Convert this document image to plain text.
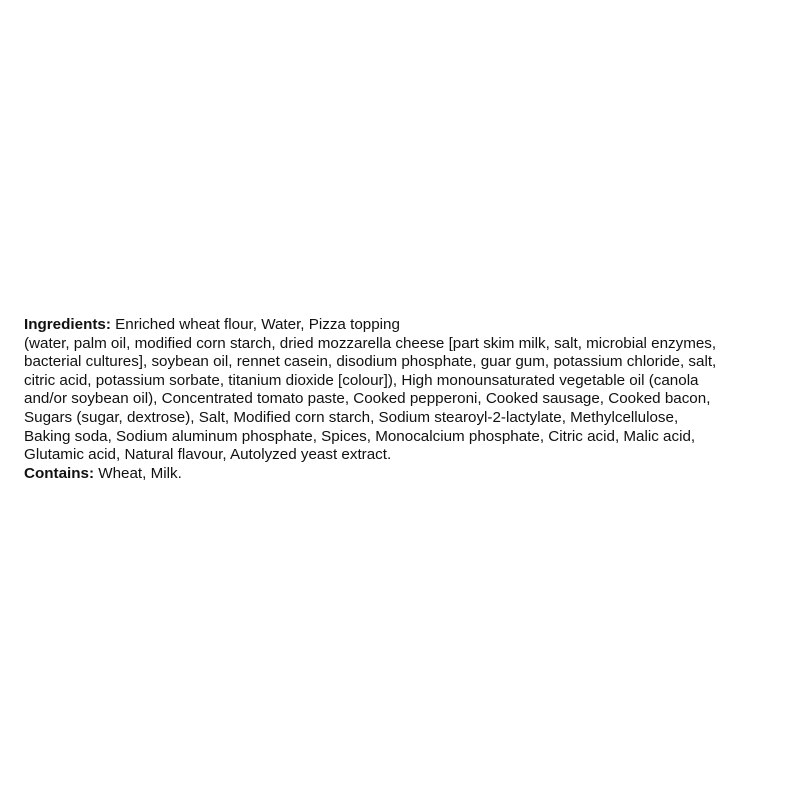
Ingredients: Enriched wheat flour, Water, Pizza topping
(water, palm oil, modified corn starch, dried mozzarella cheese [part skim milk, salt, microbial enzymes,
bacterial cultures], soybean oil, rennet casein, disodium phosphate, guar gum, potassium chloride, salt,
citric acid, potassium sorbate, titanium dioxide [colour]), High monounsaturated vegetable oil (canola
and/or soybean oil), Concentrated tomato paste, Cooked pepperoni, Cooked sausage, Cooked bacon,
Sugars (sugar, dextrose), Salt, Modified corn starch, Sodium stearoyl-2-lactylate, Methylcellulose,
Baking soda, Sodium aluminum phosphate, Spices, Monocalcium phosphate, Citric acid, Malic acid,
Glutamic acid, Natural flavour, Autolyzed yeast extract.
Contains: Wheat, Milk.
